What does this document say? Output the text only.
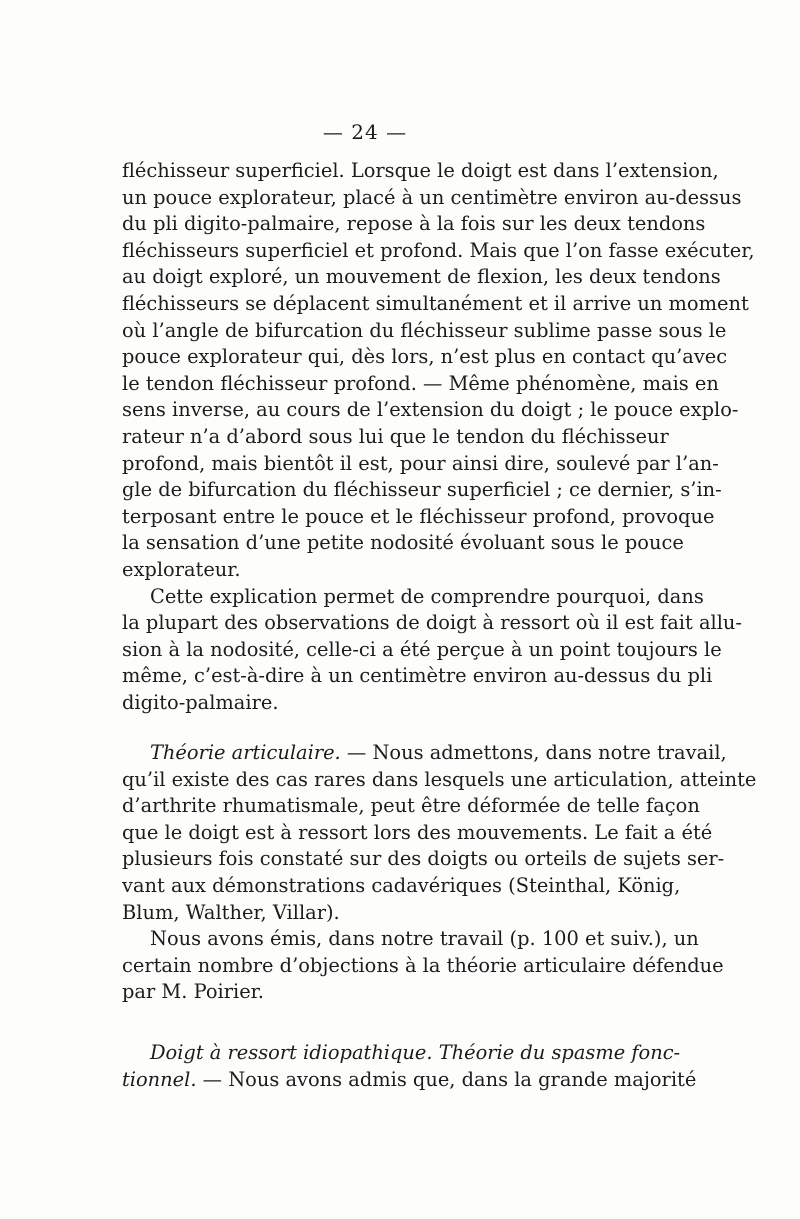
— 24 —
fléchisseur superficiel. Lorsque le doigt est dans l’extension,
un pouce explorateur, placé à un centimètre environ au-dessus
du pli digito-palmaire, repose à la fois sur les deux tendons
fléchisseurs superficiel et profond. Mais que l’on fasse exécuter,
au doigt exploré, un mouvement de flexion, les deux tendons
fléchisseurs se déplacent simultanément et il arrive un moment
où l’angle de bifurcation du fléchisseur sublime passe sous le
pouce explorateur qui, dès lors, n’est plus en contact qu’avec
le tendon fléchisseur profond. — Même phénomène, mais en
sens inverse, au cours de l’extension du doigt ; le pouce explo-
rateur n’a d’abord sous lui que le tendon du fléchisseur
profond, mais bientôt il est, pour ainsi dire, soulevé par l’an-
gle de bifurcation du fléchisseur superficiel ; ce dernier, s’in-
terposant entre le pouce et le fléchisseur profond, provoque
la sensation d’une petite nodosité évoluant sous le pouce
explorateur.
Cette explication permet de comprendre pourquoi, dans
la plupart des observations de doigt à ressort où il est fait allu-
sion à la nodosité, celle-ci a été perçue à un point toujours le
même, c’est-à-dire à un centimètre environ au-dessus du pli
digito-palmaire.
Théorie articulaire. — Nous admettons, dans notre travail,
qu’il existe des cas rares dans lesquels une articulation, atteinte
d’arthrite rhumatismale, peut être déformée de telle façon
que le doigt est à ressort lors des mouvements. Le fait a été
plusieurs fois constaté sur des doigts ou orteils de sujets ser-
vant aux démonstrations cadavériques (Steinthal, König,
Blum, Walther, Villar).
Nous avons émis, dans notre travail (p. 100 et suiv.), un
certain nombre d’objections à la théorie articulaire défendue
par M. Poirier.
Doigt à ressort idiopathique. Théorie du spasme fonc-
tionnel. — Nous avons admis que, dans la grande majorité
